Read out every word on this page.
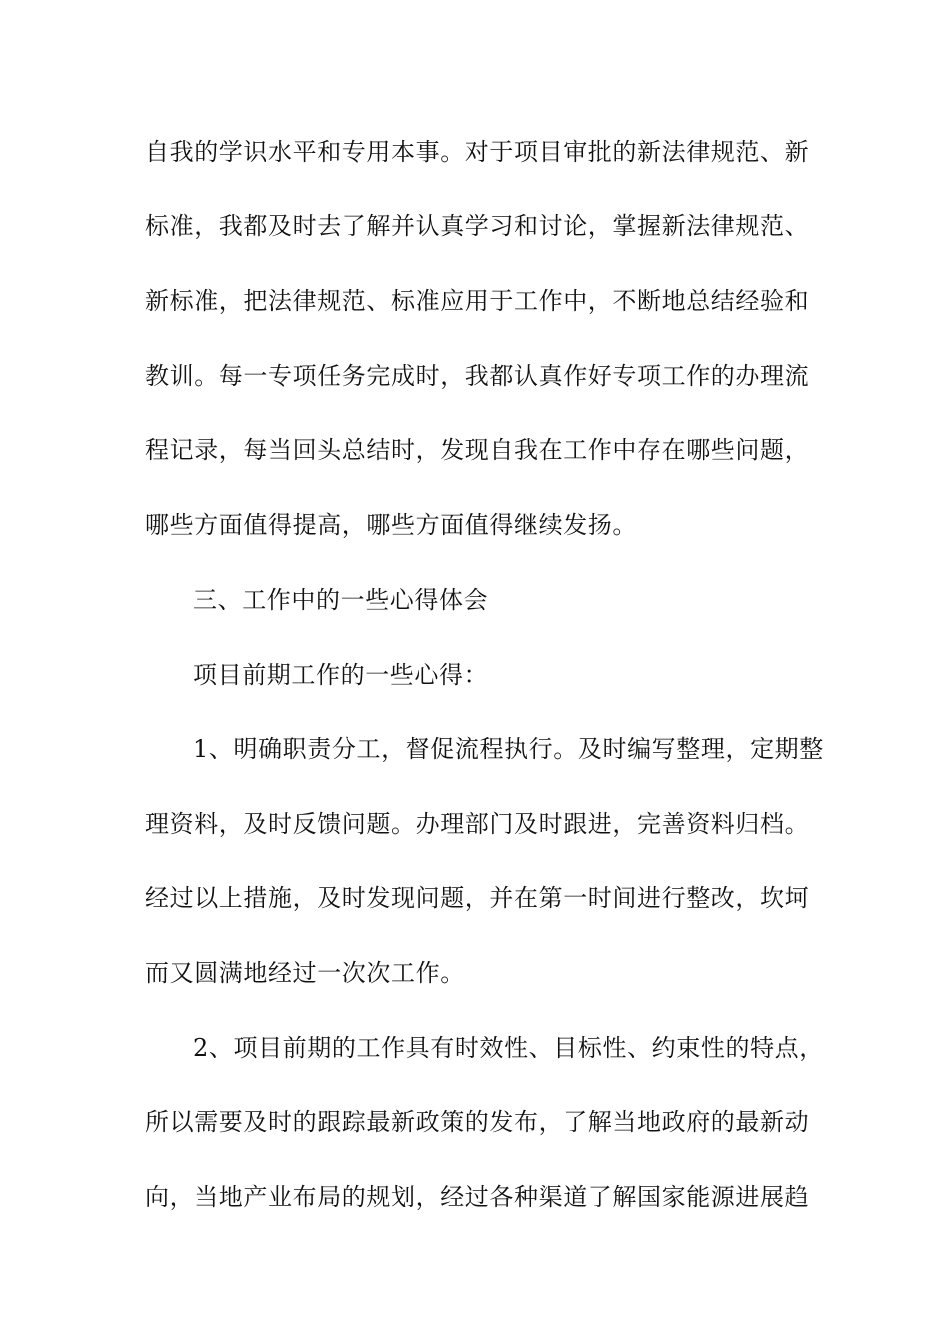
自我的学识水平和专用本事。对于项目审批的新法律规范、新
标准，我都及时去了解并认真学习和讨论，掌握新法律规范、
新标准，把法律规范、标准应用于工作中，不断地总结经验和
教训。每一专项任务完成时，我都认真作好专项工作的办理流
程记录，每当回头总结时，发现自我在工作中存在哪些问题，
哪些方面值得提高，哪些方面值得继续发扬。
三、工作中的一些心得体会
项目前期工作的一些心得：
1、明确职责分工，督促流程执行。及时编写整理，定期整
理资料，及时反馈问题。办理部门及时跟进，完善资料归档。
经过以上措施，及时发现问题，并在第一时间进行整改，坎坷
而又圆满地经过一次次工作。
2、项目前期的工作具有时效性、目标性、约束性的特点，
所以需要及时的跟踪最新政策的发布，了解当地政府的最新动
向，当地产业布局的规划，经过各种渠道了解国家能源进展趋
